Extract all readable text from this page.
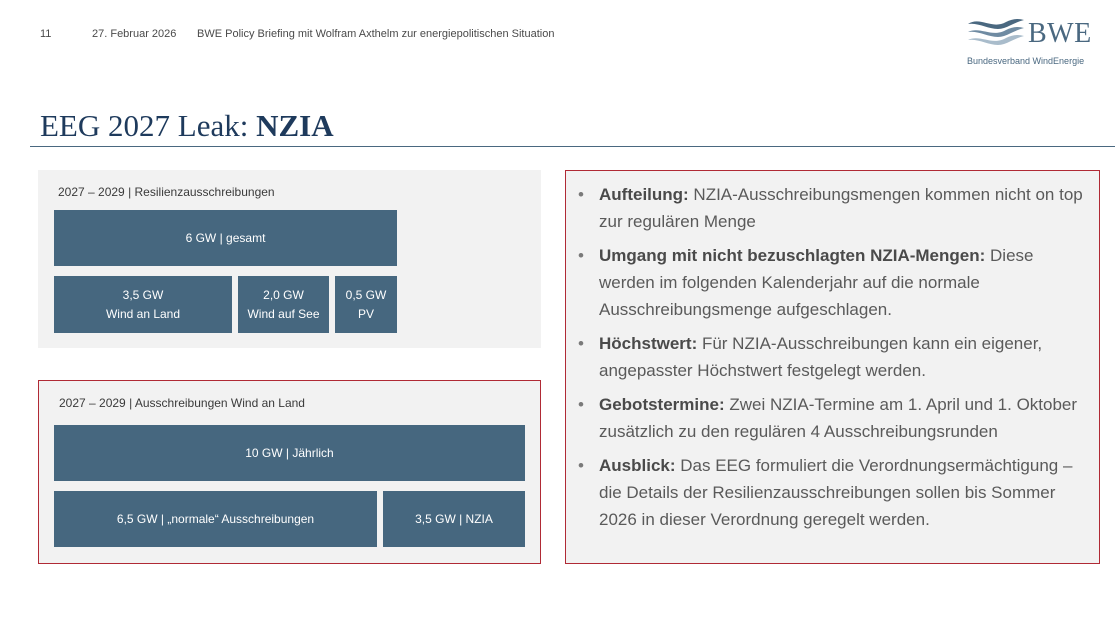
11	27. Februar 2026 BWE Policy Briefing mit Wolfram Axthelm zur energiepolitischen Situation	BWE
Bundesverband WindEnergie
EEG 2027 Leak: NZIA
2027 – 2029 | Resilienzausschreibungen
6 GW | gesamt
3,5 GW
Wind an Land
2,0 GW
Wind auf See
0,5 GW
PV
2027 – 2029 | Ausschreibungen Wind an Land
10 GW | Jährlich
6,5 GW | „normale“ Ausschreibungen	3,5 GW | NZIA
• Aufteilung: NZIA-Ausschreibungsmengen kommen nicht on top zur regulären Menge
• Umgang mit nicht bezuschlagten NZIA-Mengen: Diese werden im folgenden Kalenderjahr auf die normale Ausschreibungsmenge aufgeschlagen.
• Höchstwert: Für NZIA-Ausschreibungen kann ein eigener, angepasster Höchstwert festgelegt werden.
• Gebotstermine: Zwei NZIA-Termine am 1. April und 1. Oktober zusätzlich zu den regulären 4 Ausschreibungsrunden
• Ausblick: Das EEG formuliert die Verordnungsermächtigung – die Details der Resilienzausschreibungen sollen bis Sommer 2026 in dieser Verordnung geregelt werden.
